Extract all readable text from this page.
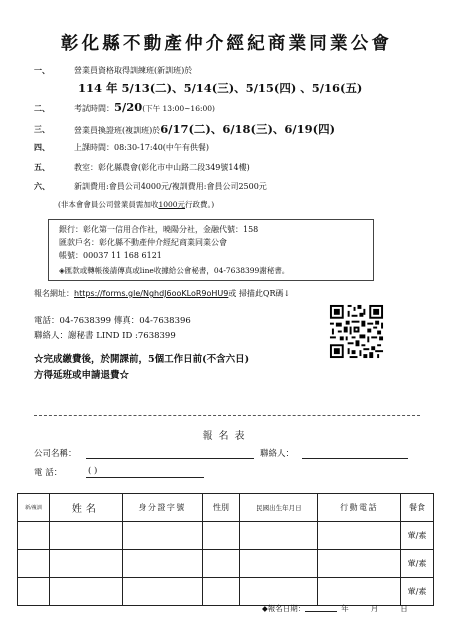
彰化縣不動產仲介經紀商業同業公會
一、	營業員資格取得訓練班(新訓班)於
114 年 5/13(二)、5/14(三)、5/15(四) 、5/16(五)
二、	考試時間：5/20(下午 13:00~16:00)
三、	營業員換證班(複訓班)於6/17(二)、6/18(三)、6/19(四)
四、	上課時間：08:30-17:40(中午有供餐)
五、	教室：彰化縣農會(彰化市中山路二段349號14樓)
六、	新訓費用:會員公司4000元/複訓費用:會員公司2500元
(非本會會員公司營業員需加收1000元行政費。)
銀行：彰化第一信用合作社，曉陽分社，金融代號：158
匯款戶名：彰化縣不動產仲介經紀商業同業公會
帳號：00037 11 168 6121
◈匯款或轉帳後請傳真或line收據給公會秘書，04-7638399謝秘書。
報名網址：https://forms.gle/NghdJ6ooKLoR9oHU9或 掃描此QR碼↓
電話：04-7638399 傳真：04-7638396
聯絡人：謝秘書 LIND ID :7638399
☆完成繳費後，於開課前，5個工作日前(不含六日)
方得延班或申請退費☆
報名表
公司名稱：	聯絡人：
電 話：	( )
新/複訓	姓名	身分證字號	性別	民國出生年月日	行動電話	餐食
						葷/素
						葷/素
						葷/素
◆報名日期：	年	月	日
